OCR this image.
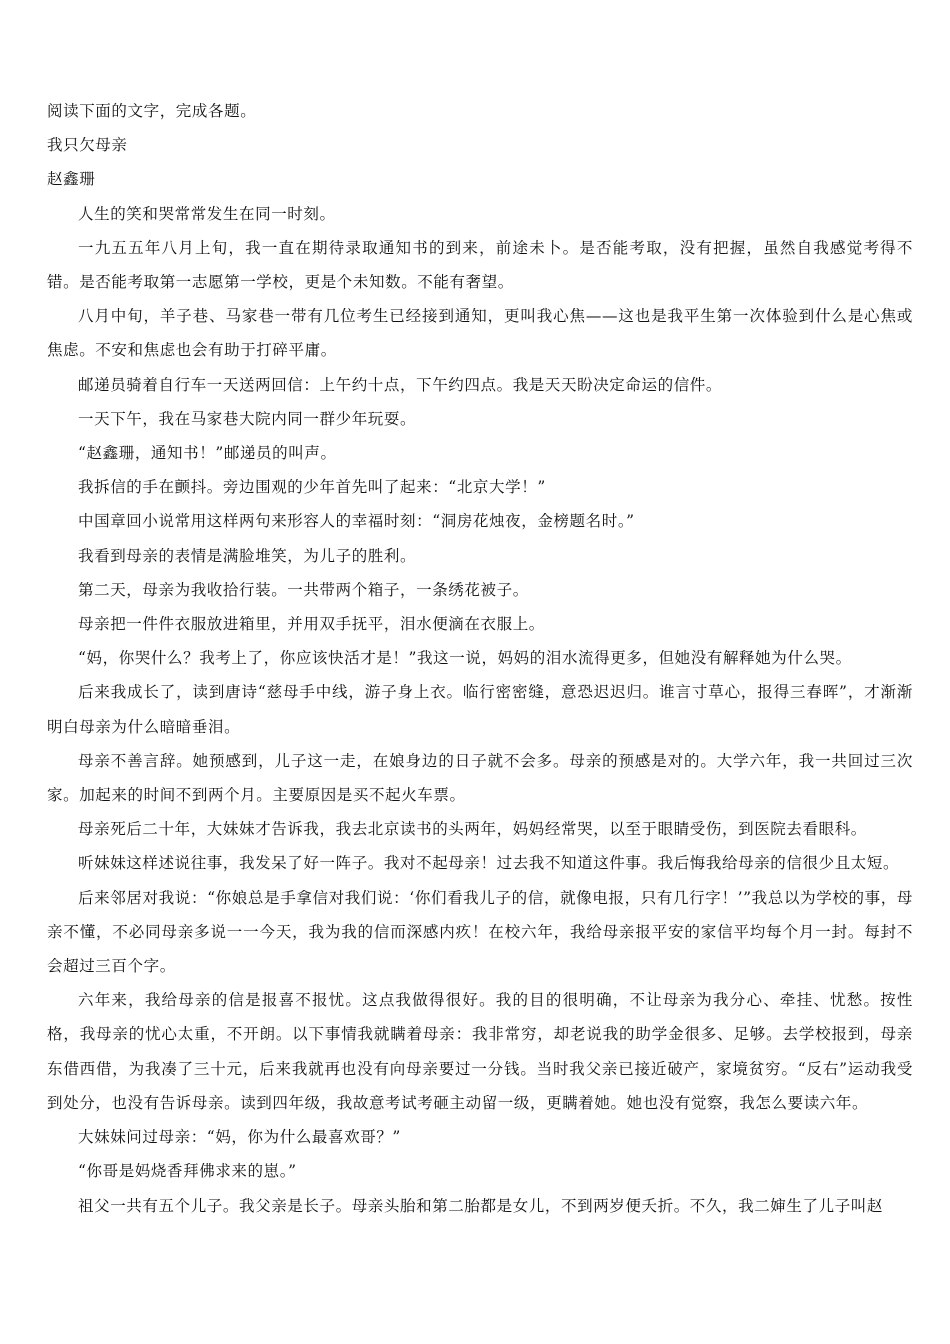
阅读下面的文字，完成各题。

我只欠母亲

赵鑫珊

人生的笑和哭常常发生在同一时刻。

一九五五年八月上旬，我一直在期待录取通知书的到来，前途未卜。是否能考取，没有把握，虽然自我感觉考得不错。是否能考取第一志愿第一学校，更是个未知数。不能有奢望。

八月中旬，羊子巷、马家巷一带有几位考生已经接到通知，更叫我心焦——这也是我平生第一次体验到什么是心焦或焦虑。不安和焦虑也会有助于打碎平庸。

邮递员骑着自行车一天送两回信：上午约十点，下午约四点。我是天天盼决定命运的信件。

一天下午，我在马家巷大院内同一群少年玩耍。

“赵鑫珊，通知书！”邮递员的叫声。

我拆信的手在颤抖。旁边围观的少年首先叫了起来：“北京大学！”

中国章回小说常用这样两句来形容人的幸福时刻：“洞房花烛夜，金榜题名时。”

我看到母亲的表情是满脸堆笑，为儿子的胜利。

第二天，母亲为我收拾行装。一共带两个箱子，一条绣花被子。

母亲把一件件衣服放进箱里，并用双手抚平，泪水便滴在衣服上。

“妈，你哭什么？我考上了，你应该快活才是！”我这一说，妈妈的泪水流得更多，但她没有解释她为什么哭。

后来我成长了，读到唐诗“慈母手中线，游子身上衣。临行密密缝，意恐迟迟归。谁言寸草心，报得三春晖”，才渐渐明白母亲为什么暗暗垂泪。

母亲不善言辞。她预感到，儿子这一走，在娘身边的日子就不会多。母亲的预感是对的。大学六年，我一共回过三次家。加起来的时间不到两个月。主要原因是买不起火车票。

母亲死后二十年，大妹妹才告诉我，我去北京读书的头两年，妈妈经常哭，以至于眼睛受伤，到医院去看眼科。

听妹妹这样述说往事，我发呆了好一阵子。我对不起母亲！过去我不知道这件事。我后悔我给母亲的信很少且太短。

后来邻居对我说：“你娘总是手拿信对我们说：‘你们看我儿子的信，就像电报，只有几行字！’”我总以为学校的事，母亲不懂，不必同母亲多说一一今天，我为我的信而深感内疚！在校六年，我给母亲报平安的家信平均每个月一封。每封不会超过三百个字。

六年来，我给母亲的信是报喜不报忧。这点我做得很好。我的目的很明确，不让母亲为我分心、牵挂、忧愁。按性格，我母亲的忧心太重，不开朗。以下事情我就瞒着母亲：我非常穷，却老说我的助学金很多、足够。去学校报到，母亲东借西借，为我凑了三十元，后来我就再也没有向母亲要过一分钱。当时我父亲已接近破产，家境贫穷。“反右”运动我受到处分，也没有告诉母亲。读到四年级，我故意考试考砸主动留一级，更瞒着她。她也没有觉察，我怎么要读六年。

大妹妹问过母亲：“妈，你为什么最喜欢哥？”

“你哥是妈烧香拜佛求来的崽。”

祖父一共有五个儿子。我父亲是长子。母亲头胎和第二胎都是女儿，不到两岁便夭折。不久，我二婶生了儿子叫赵
